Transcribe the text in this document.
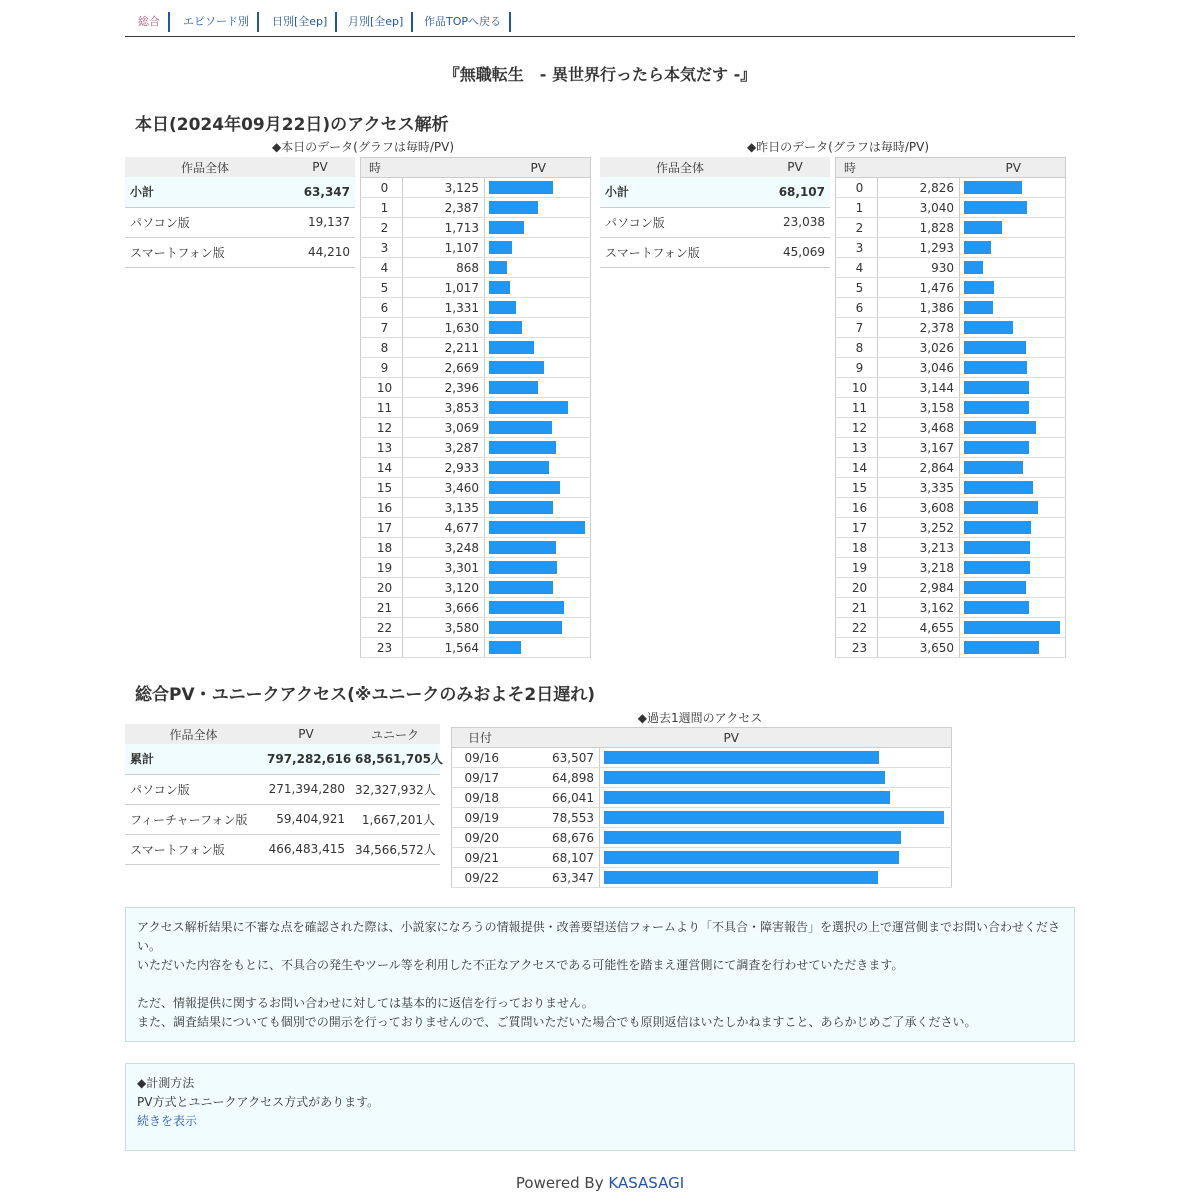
総合	エピソード別	日別[全ep]	月別[全ep]	作品TOPへ戻る
『無職転生　- 異世界行ったら本気だす -』
本日(2024年09月22日)のアクセス解析
◆本日のデータ(グラフは毎時/PV)	◆昨日のデータ(グラフは毎時/PV)
作品全体	PV
小計	63,347
パソコン版	19,137
スマートフォン版	44,210
時	PV	
0	3,125	

1	2,387	

2	1,713	

3	1,107	

4	868	

5	1,017	

6	1,331	

7	1,630	

8	2,211	

9	2,669	

10	2,396	

11	3,853	

12	3,069	

13	3,287	

14	2,933	

15	3,460	

16	3,135	

17	4,677	

18	3,248	

19	3,301	

20	3,120	

21	3,666	

22	3,580	

23	1,564	
作品全体	PV
小計	68,107
パソコン版	23,038
スマートフォン版	45,069
時	PV	
0	2,826	

1	3,040	

2	1,828	

3	1,293	

4	930	

5	1,476	

6	1,386	

7	2,378	

8	3,026	

9	3,046	

10	3,144	

11	3,158	

12	3,468	

13	3,167	

14	2,864	

15	3,335	

16	3,608	

17	3,252	

18	3,213	

19	3,218	

20	2,984	

21	3,162	

22	4,655	

23	3,650	
総合PV・ユニークアクセス(※ユニークのみおよそ2日遅れ)
作品全体	PV	ユニーク
累計	797,282,616	68,561,705人
パソコン版	271,394,280	32,327,932人
フィーチャーフォン版	59,404,921	1,667,201人
スマートフォン版	466,483,415	34,566,572人
◆過去1週間のアクセス
日付	PV	
09/16	63,507	

09/17	64,898	

09/18	66,041	

09/19	78,553	

09/20	68,676	

09/21	68,107	

09/22	63,347	

アクセス解析結果に不審な点を確認された際は、小説家になろうの情報提供・改善要望送信フォームより「不具合・障害報告」を選択の上で運営側までお問い合わせください。

いただいた内容をもとに、不具合の発生やツール等を利用した不正なアクセスである可能性を踏まえ運営側にて調査を行わせていただきます。

ただ、情報提供に関するお問い合わせに対しては基本的に返信を行っておりません。

また、調査結果についても個別での開示を行っておりませんので、ご質問いただいた場合でも原則返信はいたしかねますこと、あらかじめご了承ください。

◆計測方法

PV方式とユニークアクセス方式があります。

続きを表示

Powered By KASASAGI
